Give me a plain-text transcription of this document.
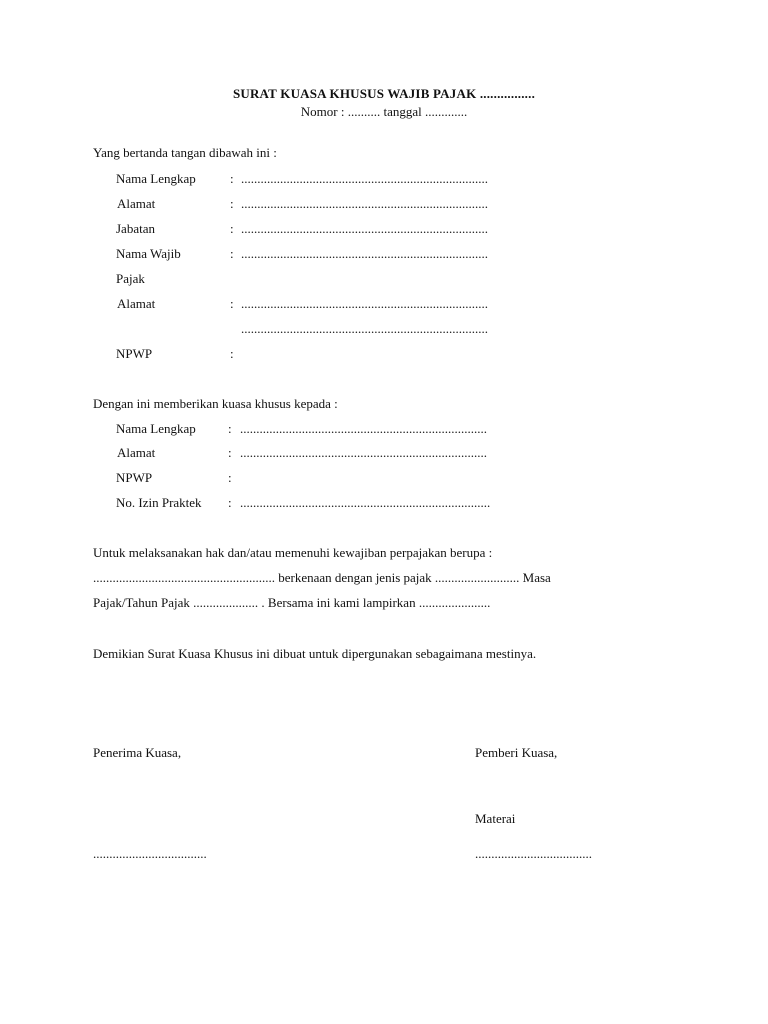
SURAT KUASA KHUSUS WAJIB PAJAK ................
Nomor : .......... tanggal .............
Yang bertanda tangan dibawah ini :
Nama Lengkap	: ............................................................................
Alamat	: ............................................................................
Jabatan	: ............................................................................
Nama Wajib	: ............................................................................
Pajak
Alamat	: ............................................................................
............................................................................
NPWP	:
Dengan ini memberikan kuasa khusus kepada :
Nama Lengkap : ............................................................................
Alamat	: ............................................................................
NPWP	:
No. Izin Praktek : .............................................................................
Untuk melaksanakan hak dan/atau memenuhi kewajiban perpajakan berupa :
........................................................ berkenaan dengan jenis pajak .......................... Masa
Pajak/Tahun Pajak .................... . Bersama ini kami lampirkan ......................
Demikian Surat Kuasa Khusus ini dibuat untuk dipergunakan sebagaimana mestinya.
Penerima Kuasa,	Pemberi Kuasa,
Materai
...................................	....................................
